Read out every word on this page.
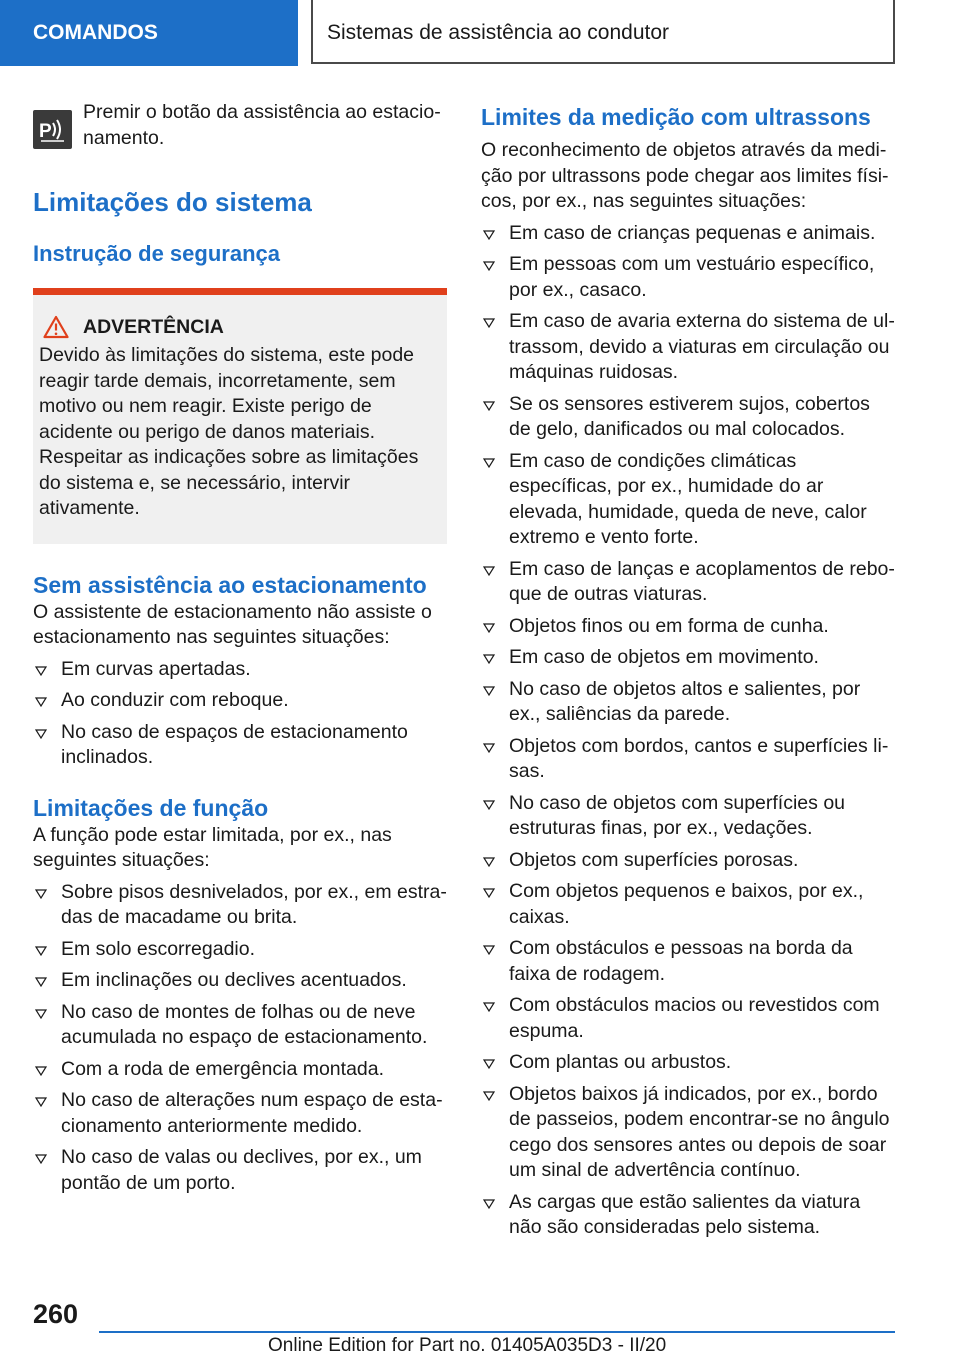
COMANDOS	Sistemas de assistência ao condutor
P
Premir o botão da assistência ao estacionamento.
Limitações do sistema
Instrução de segurança
ADVERTÊNCIA
Devido às limitações do sistema, este pode reagir tarde demais, incorretamente, sem motivo ou nem reagir. Existe perigo de acidente ou perigo de danos materiais. Respeitar as indicações sobre as limitações do sistema e, se necessário, intervir ativamente.
Sem assistência ao estacionamento
O assistente de estacionamento não assiste o estacionamento nas seguintes situações:
Em curvas apertadas.
Ao conduzir com reboque.
No caso de espaços de estacionamento inclinados.
Limitações de função
A função pode estar limitada, por ex., nas seguintes situações:
Sobre pisos desnivelados, por ex., em estradas de macadame ou brita.
Em solo escorregadio.
Em inclinações ou declives acentuados.
No caso de montes de folhas ou de neve acumulada no espaço de estacionamento.
Com a roda de emergência montada.
No caso de alterações num espaço de estacionamento anteriormente medido.
No caso de valas ou declives, por ex., um pontão de um porto.
Limites da medição com ultrassons
O reconhecimento de objetos através da medição por ultrassons pode chegar aos limites físicos, por ex., nas seguintes situações:
Em caso de crianças pequenas e animais.
Em pessoas com um vestuário específico, por ex., casaco.
Em caso de avaria externa do sistema de ultrassom, devido a viaturas em circulação ou máquinas ruidosas.
Se os sensores estiverem sujos, cobertos de gelo, danificados ou mal colocados.
Em caso de condições climáticas específicas, por ex., humidade do ar elevada, humidade, queda de neve, calor extremo e vento forte.
Em caso de lanças e acoplamentos de reboque de outras viaturas.
Objetos finos ou em forma de cunha.
Em caso de objetos em movimento.
No caso de objetos altos e salientes, por ex., saliências da parede.
Objetos com bordos, cantos e superfícies lisas.
No caso de objetos com superfícies ou estruturas finas, por ex., vedações.
Objetos com superfícies porosas.
Com objetos pequenos e baixos, por ex., caixas.
Com obstáculos e pessoas na borda da faixa de rodagem.
Com obstáculos macios ou revestidos com espuma.
Com plantas ou arbustos.
Objetos baixos já indicados, por ex., bordo de passeios, podem encontrar-se no ângulo cego dos sensores antes ou depois de soar um sinal de advertência contínuo.
As cargas que estão salientes da viatura não são consideradas pelo sistema.
260
Online Edition for Part no. 01405A035D3 - II/20
